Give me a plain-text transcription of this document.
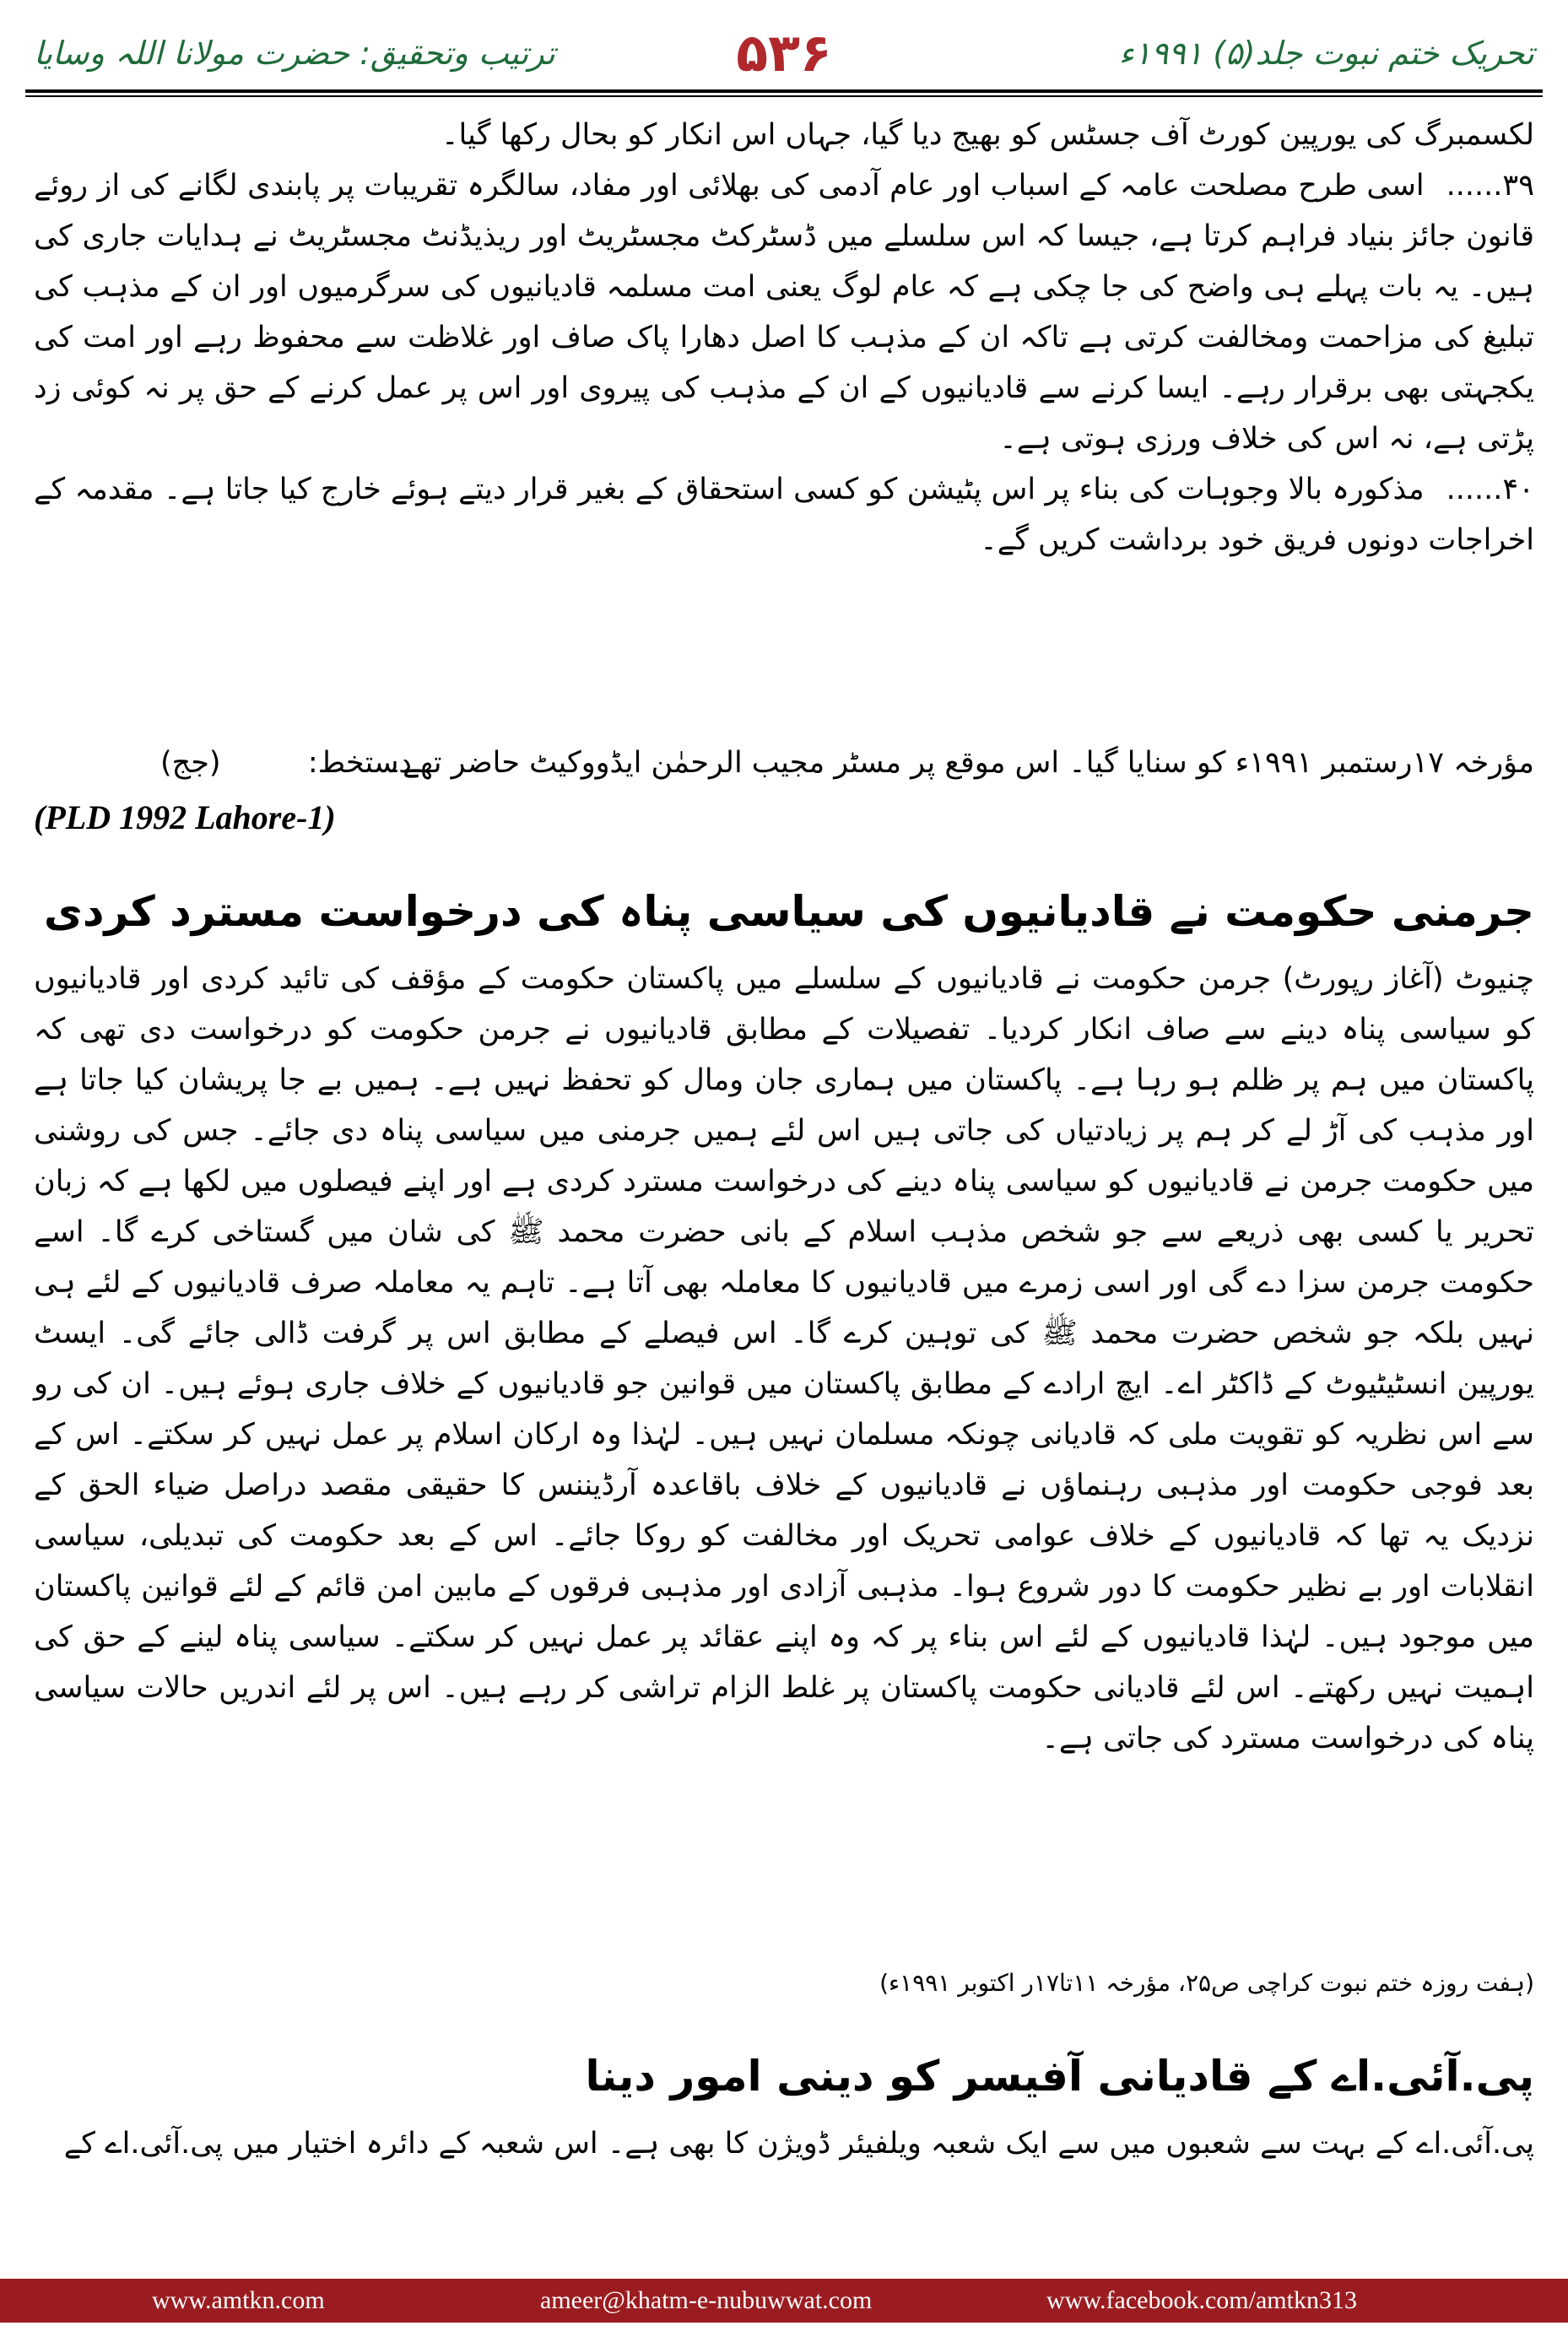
تحریک ختم نبوت جلد(۵) ۱۹۹۱ء
۵۳۶
ترتیب وتحقیق: حضرت مولانا اللہ وسایا

لکسمبرگ کی یورپین کورٹ آف جسٹس کو بھیج دیا گیا، جہاں اس انکار کو بحال رکھا گیا۔

۳۹......اسی طرح مصلحت عامہ کے اسباب اور عام آدمی کی بھلائی اور مفاد، سالگرہ تقریبات پر پابندی لگانے کی از روئے قانون جائز بنیاد فراہم کرتا ہے، جیسا کہ اس سلسلے میں ڈسٹرکٹ مجسٹریٹ اور ریذیڈنٹ مجسٹریٹ نے ہدایات جاری کی ہیں۔ یہ بات پہلے ہی واضح کی جا چکی ہے کہ عام لوگ یعنی امت مسلمہ قادیانیوں کی سرگرمیوں اور ان کے مذہب کی تبلیغ کی مزاحمت ومخالفت کرتی ہے تاکہ ان کے مذہب کا اصل دھارا پاک صاف اور غلاظت سے محفوظ رہے اور امت کی یکجہتی بھی برقرار رہے۔ ایسا کرنے سے قادیانیوں کے ان کے مذہب کی پیروی اور اس پر عمل کرنے کے حق پر نہ کوئی زد پڑتی ہے، نہ اس کی خلاف ورزی ہوتی ہے۔

۴۰......مذکورہ بالا وجوہات کی بناء پر اس پٹیشن کو کسی استحقاق کے بغیر قرار دیتے ہوئے خارج کیا جاتا ہے۔ مقدمہ کے اخراجات دونوں فریق خود برداشت کریں گے۔

مؤرخہ ۱۷رستمبر ۱۹۹۱ء کو سنایا گیا۔ اس موقع پر مسٹر مجیب الرحمٰن ایڈووکیٹ حاضر تھے۔
دستخط:
(جج)
(PLD 1992 Lahore-1)
جرمنی حکومت نے قادیانیوں کی سیاسی پناہ کی درخواست مسترد کردی

چنیوٹ (آغاز رپورٹ) جرمن حکومت نے قادیانیوں کے سلسلے میں پاکستان حکومت کے مؤقف کی تائید کردی اور قادیانیوں کو سیاسی پناہ دینے سے صاف انکار کردیا۔ تفصیلات کے مطابق قادیانیوں نے جرمن حکومت کو درخواست دی تھی کہ پاکستان میں ہم پر ظلم ہو رہا ہے۔ پاکستان میں ہماری جان ومال کو تحفظ نہیں ہے۔ ہمیں بے جا پریشان کیا جاتا ہے اور مذہب کی آڑ لے کر ہم پر زیادتیاں کی جاتی ہیں اس لئے ہمیں جرمنی میں سیاسی پناہ دی جائے۔ جس کی روشنی میں حکومت جرمن نے قادیانیوں کو سیاسی پناہ دینے کی درخواست مسترد کردی ہے اور اپنے فیصلوں میں لکھا ہے کہ زبان تحریر یا کسی بھی ذریعے سے جو شخص مذہب اسلام کے بانی حضرت محمد ﷺ کی شان میں گستاخی کرے گا۔ اسے حکومت جرمن سزا دے گی اور اسی زمرے میں قادیانیوں کا معاملہ بھی آتا ہے۔ تاہم یہ معاملہ صرف قادیانیوں کے لئے ہی نہیں بلکہ جو شخص حضرت محمد ﷺ کی توہین کرے گا۔ اس فیصلے کے مطابق اس پر گرفت ڈالی جائے گی۔ ایسٹ یورپین انسٹیٹیوٹ کے ڈاکٹر اے۔ ایچ ارادے کے مطابق پاکستان میں قوانین جو قادیانیوں کے خلاف جاری ہوئے ہیں۔ ان کی رو سے اس نظریہ کو تقویت ملی کہ قادیانی چونکہ مسلمان نہیں ہیں۔ لہٰذا وہ ارکان اسلام پر عمل نہیں کر سکتے۔ اس کے بعد فوجی حکومت اور مذہبی رہنماؤں نے قادیانیوں کے خلاف باقاعدہ آرڈیننس کا حقیقی مقصد دراصل ضیاء الحق کے نزدیک یہ تھا کہ قادیانیوں کے خلاف عوامی تحریک اور مخالفت کو روکا جائے۔ اس کے بعد حکومت کی تبدیلی، سیاسی انقلابات اور بے نظیر حکومت کا دور شروع ہوا۔ مذہبی آزادی اور مذہبی فرقوں کے مابین امن قائم کے لئے قوانین پاکستان میں موجود ہیں۔ لہٰذا قادیانیوں کے لئے اس بناء پر کہ وہ اپنے عقائد پر عمل نہیں کر سکتے۔ سیاسی پناہ لینے کے حق کی اہمیت نہیں رکھتے۔ اس لئے قادیانی حکومت پاکستان پر غلط الزام تراشی کر رہے ہیں۔ اس پر لئے اندریں حالات سیاسی پناہ کی درخواست مسترد کی جاتی ہے۔

(ہفت روزہ ختم نبوت کراچی ص۲۵، مؤرخہ ۱۱تا۱۷ر اکتوبر ۱۹۹۱ء)
پی.آئی.اے کے قادیانی آفیسر کو دینی امور دینا

پی.آئی.اے کے بہت سے شعبوں میں سے ایک شعبہ ویلفیئر ڈویژن کا بھی ہے۔ اس شعبہ کے دائرہ اختیار میں پی.آئی.اے کے

www.amtkn.com	ameer@khatm-e-nubuwwat.com	www.facebook.com/amtkn313
